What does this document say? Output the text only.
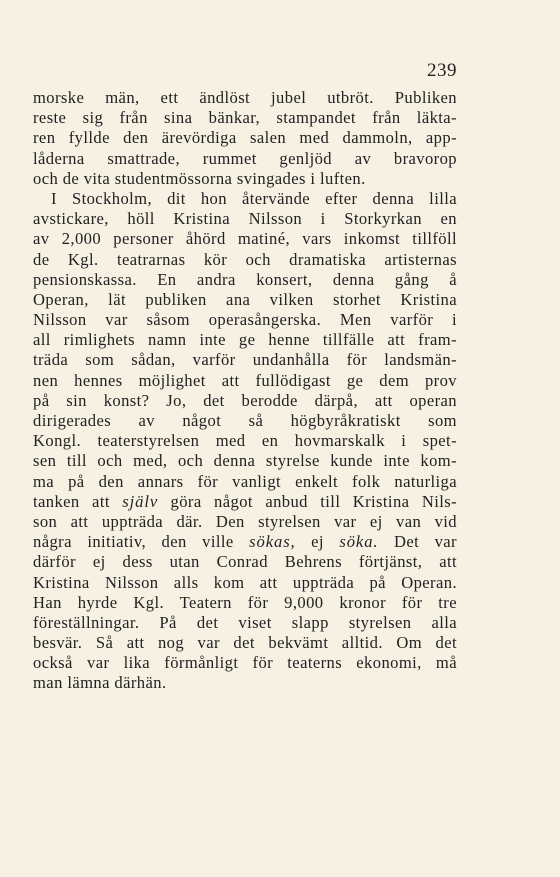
239
morske män, ett ändlöst jubel utbröt. Publiken
reste sig från sina bänkar, stampandet från läkta-
ren fyllde den ärevördiga salen med dammoln, app-
låderna smattrade, rummet genljöd av bravorop
och de vita studentmössorna svingades i luften.
I Stockholm, dit hon återvände efter denna lilla
avstickare, höll Kristina Nilsson i Storkyrkan en
av 2,000 personer åhörd matiné, vars inkomst tillföll
de Kgl. teatrarnas kör och dramatiska artisternas
pensionskassa. En andra konsert, denna gång å
Operan, lät publiken ana vilken storhet Kristina
Nilsson var såsom operasångerska. Men varför i
all rimlighets namn inte ge henne tillfälle att fram-
träda som sådan, varför undanhålla för landsmän-
nen hennes möjlighet att fullödigast ge dem prov
på sin konst? Jo, det berodde därpå, att operan
dirigerades av något så högbyråkratiskt som
Kongl. teaterstyrelsen med en hovmarskalk i spet-
sen till och med, och denna styrelse kunde inte kom-
ma på den annars för vanligt enkelt folk naturliga
tanken att själv göra något anbud till Kristina Nils-
son att uppträda där. Den styrelsen var ej van vid
några initiativ, den ville sökas, ej söka. Det var
därför ej dess utan Conrad Behrens förtjänst, att
Kristina Nilsson alls kom att uppträda på Operan.
Han hyrde Kgl. Teatern för 9,000 kronor för tre
föreställningar. På det viset slapp styrelsen alla
besvär. Så att nog var det bekvämt alltid. Om det
också var lika förmånligt för teaterns ekonomi, må
man lämna därhän.
